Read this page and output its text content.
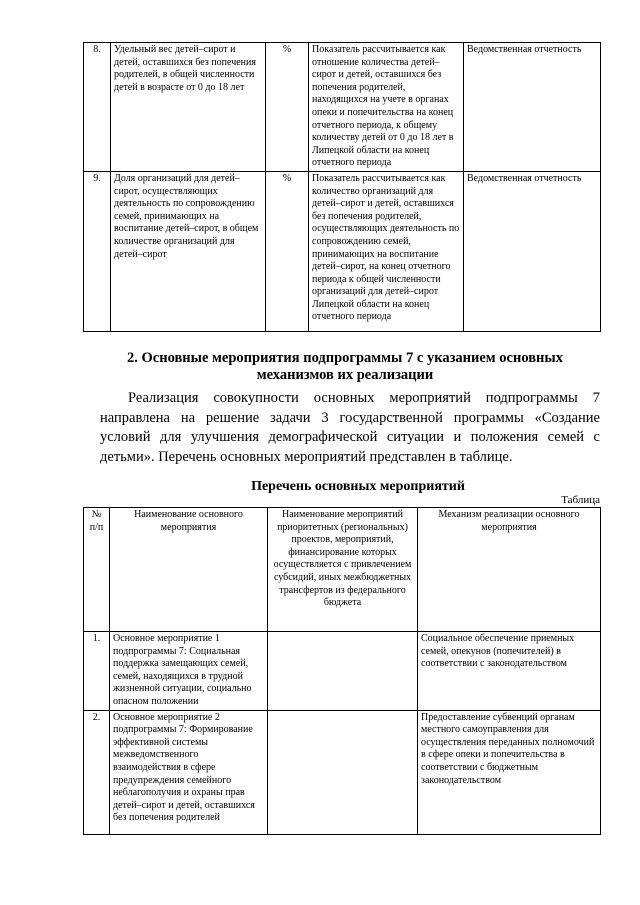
8.	Удельный вес детей–сирот и детей, оставшихся без попечения родителей, в общей численности детей в возрасте от 0 до 18 лет	%	Показатель рассчитывается как отношение количества детей–сирот и детей, оставшихся без попечения родителей, находящихся на учете в органах опеки и попечительства на конец отчетного периода, к общему количеству детей от 0 до 18 лет в Липецкой области на конец отчетного периода	Ведомственная отчетность
9.	Доля организаций для детей–сирот, осуществляющих деятельность по сопровождению семей, принимающих на воспитание детей–сирот, в общем количестве организаций для детей–сирот	%	Показатель рассчитывается как количество организаций для детей–сирот и детей, оставшихся без попечения родителей, осуществляющих деятельность по сопровождению семей, принимающих на воспитание детей–сирот, на конец отчетного периода к общей численности организаций для детей–сирот Липецкой области на конец отчетного периода	Ведомственная отчетность
2. Основные мероприятия подпрограммы 7 с указанием основных механизмов их реализации

Реализация совокупности основных мероприятий подпрограммы 7 направлена на решение задачи 3 государственной программы «Создание условий для улучшения демографической ситуации и положения семей с детьми». Перечень основных мероприятий представлен в таблице.

Перечень основных мероприятий
Таблица
№ п/п	Наименование основного мероприятия	Наименование мероприятий приоритетных (региональных) проектов, мероприятий, финансирование которых осуществляется с привлечением субсидий, иных межбюджетных трансфертов из федерального бюджета	Механизм реализации основного мероприятия
1.	Основное мероприятие 1 подпрограммы 7: Социальная поддержка замещающих семей, семей, находящихся в трудной жизненной ситуации, социально опасном положении		Социальное обеспечение приемных семей, опекунов (попечителей) в соответствии с законодательством
2.	Основное мероприятие 2 подпрограммы 7: Формирование эффективной системы межведомственного взаимодействия в сфере предупреждения семейного неблагополучия и охраны прав детей–сирот и детей, оставшихся без попечения родителей		Предоставление субвенций органам местного самоуправления для осуществления переданных полномочий в сфере опеки и попечительства в соответствии с бюджетным законодательством
